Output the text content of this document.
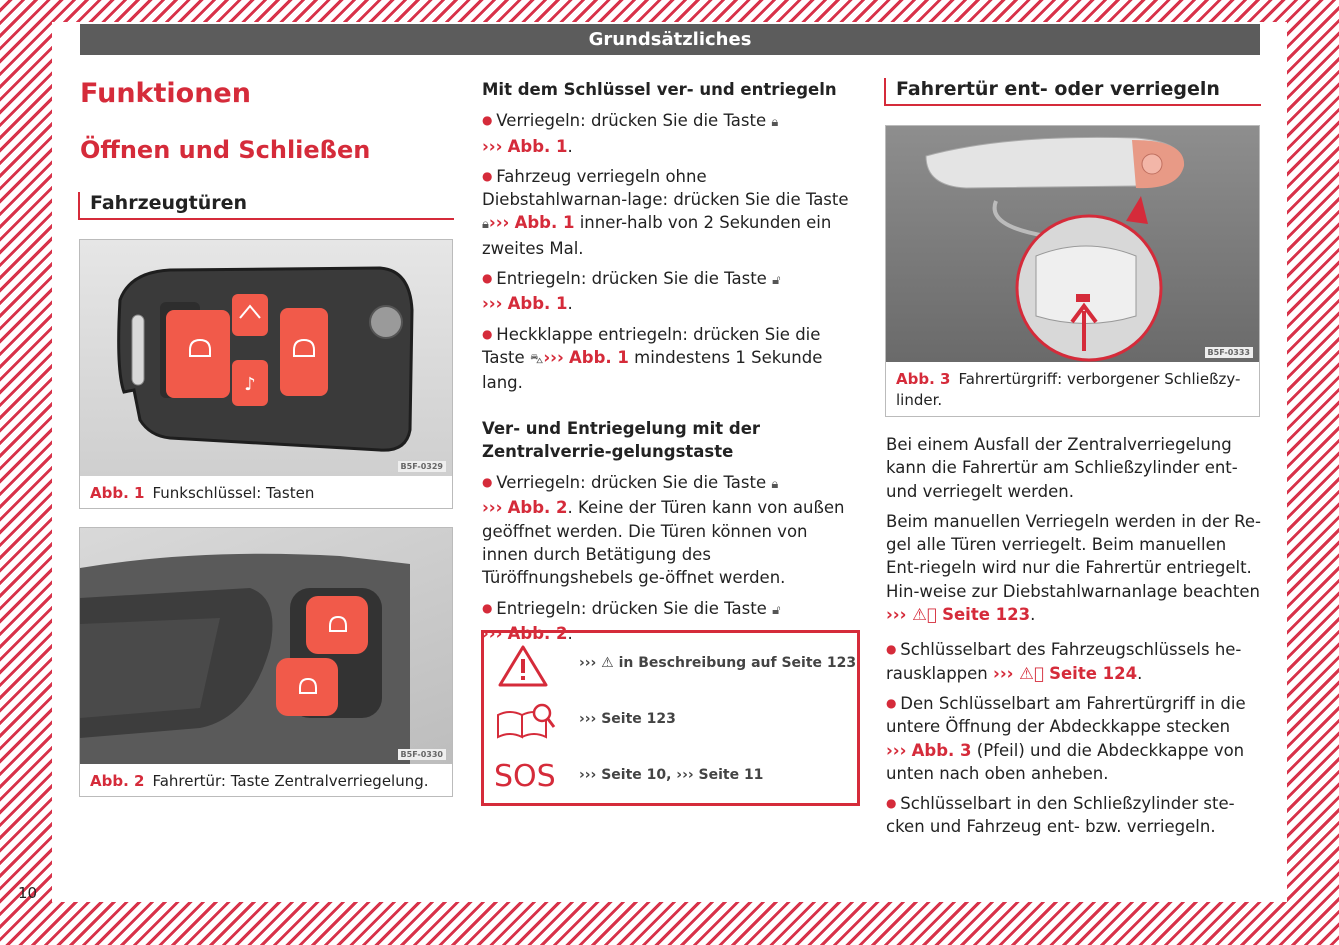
Grundsätzliches
Funktionen
Öffnen und Schließen
Fahrzeugtüren
♪
B5F-0329
Abb. 1 Funkschlüssel: Tasten
B5F-0330
Abb. 2 Fahrertür: Taste Zentralverriegelung.
Mit dem Schlüssel ver- und entriegeln

● Verriegeln: drücken Sie die Taste 🔒︎
››› Abb. 1.

● Fahrzeug verriegeln ohne Diebstahlwarnan-lage: drücken Sie die Taste 🔒︎››› Abb. 1 inner-halb von 2 Sekunden ein zweites Mal.

● Entriegeln: drücken Sie die Taste 🔓︎
››› Abb. 1.

● Heckklappe entriegeln: drücken Sie die Taste ⛍››› Abb. 1 mindestens 1 Sekunde lang.

Ver- und Entriegelung mit der Zentralverrie-gelungstaste

● Verriegeln: drücken Sie die Taste 🔒︎
››› Abb. 2. Keine der Türen kann von außen geöffnet werden. Die Türen können von innen durch Betätigung des Türöffnungshebels ge-öffnet werden.

● Entriegeln: drücken Sie die Taste 🔓︎
››› Abb. 2.

››› ⚠ in Beschreibung auf Seite 123
››› Seite 123
SOS	››› Seite 10, ››› Seite 11
Fahrertür ent- oder verriegeln
B5F-0333
Abb. 3 Fahrertürgriff: verborgener Schließzy-linder.

Bei einem Ausfall der Zentralverriegelung kann die Fahrertür am Schließzylinder ent- und verriegelt werden.

Beim manuellen Verriegeln werden in der Re-gel alle Türen verriegelt. Beim manuellen Ent-riegeln wird nur die Fahrertür entriegelt. Hin-weise zur Diebstahlwarnanlage beachten
››› ⚠⃝ Seite 123.

● Schlüsselbart des Fahrzeugschlüssels he-rausklappen ››› ⚠⃝ Seite 124.

● Den Schlüsselbart am Fahrertürgriff in die untere Öffnung der Abdeckkappe stecken
››› Abb. 3 (Pfeil) und die Abdeckkappe von unten nach oben anheben.

● Schlüsselbart in den Schließzylinder ste-cken und Fahrzeug ent- bzw. verriegeln.

10
